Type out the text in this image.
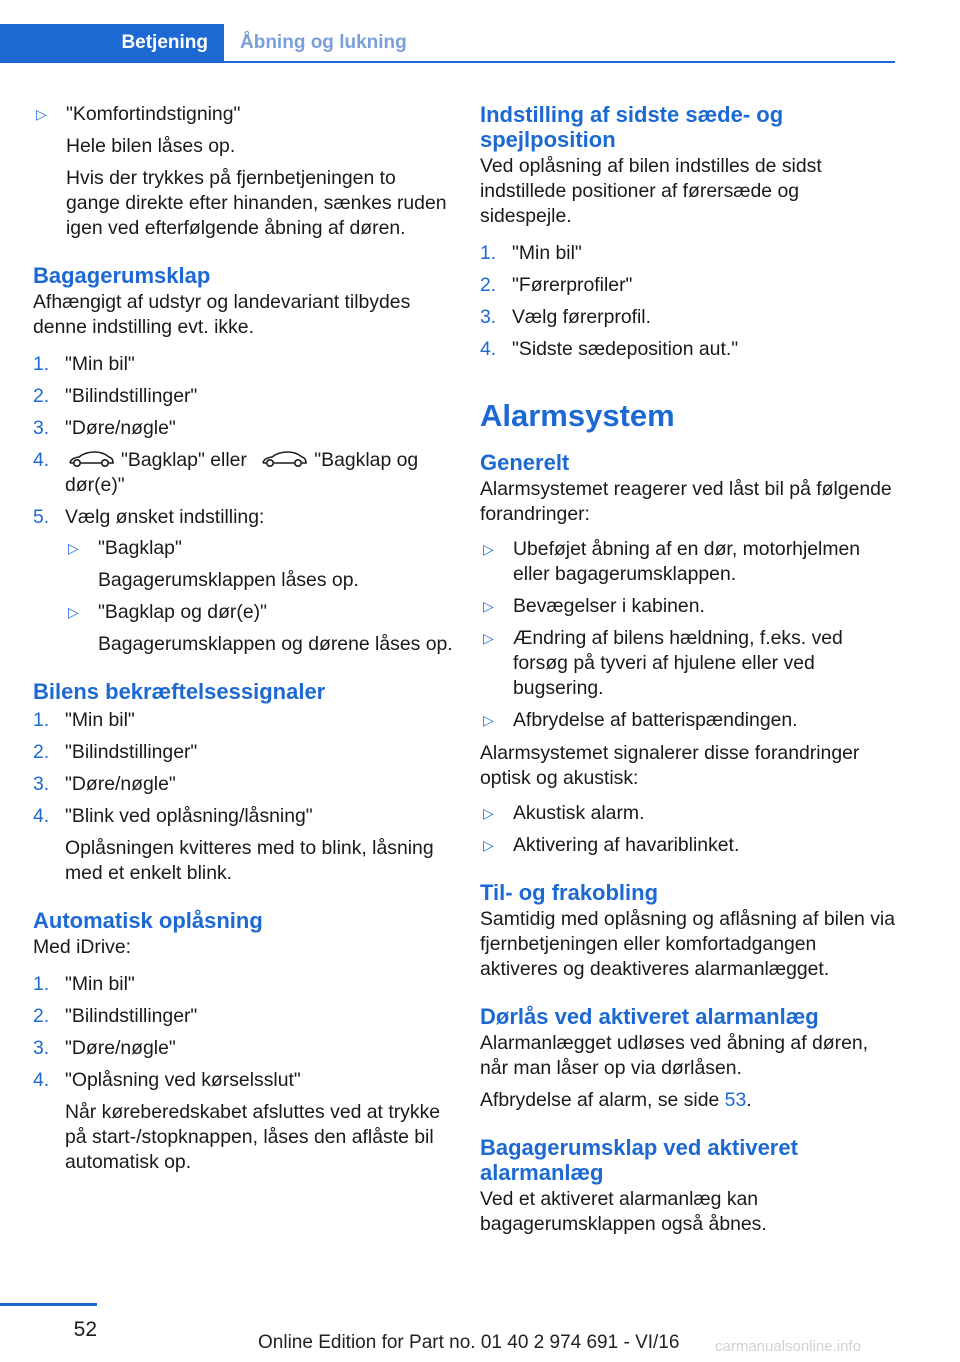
Betjening	Åbning og lukning
▷ "Komfortindstigning"
Hele bilen låses op.
Hvis der trykkes på fjernbetjeningen to gange direkte efter hinanden, sænkes ruden igen ved efterfølgende åbning af døren.
Bagagerumsklap
Afhængigt af udstyr og landevariant tilbydes denne indstilling evt. ikke.
1. "Min bil"
2. "Bilindstillinger"
3. "Døre/nøgle"
4.	"Bagklap" eller	"Bagklap og dør(e)"
5. Vælg ønsket indstilling:
▷ "Bagklap"
Bagagerumsklappen låses op.
▷ "Bagklap og dør(e)"
Bagagerumsklappen og dørene låses op.
Bilens bekræftelsessignaler
1. "Min bil"
2. "Bilindstillinger"
3. "Døre/nøgle"
4. "Blink ved oplåsning/låsning"
Oplåsningen kvitteres med to blink, låsning med et enkelt blink.
Automatisk oplåsning
Med iDrive:
1. "Min bil"
2. "Bilindstillinger"
3. "Døre/nøgle"
4. "Oplåsning ved kørselsslut"
Når køreberedskabet afsluttes ved at trykke på start-/stopknappen, låses den aflåste bil automatisk op.
Indstilling af sidste sæde- og spejlposition
Ved oplåsning af bilen indstilles de sidst indstillede positioner af førersæde og sidespejle.
1. "Min bil"
2. "Førerprofiler"
3. Vælg førerprofil.
4. "Sidste sædeposition aut."
Alarmsystem
Generelt
Alarmsystemet reagerer ved låst bil på følgende forandringer:
▷ Ubeføjet åbning af en dør, motorhjelmen eller bagagerumsklappen.
▷ Bevægelser i kabinen.
▷ Ændring af bilens hældning, f.eks. ved forsøg på tyveri af hjulene eller ved bugsering.
▷ Afbrydelse af batterispændingen.
Alarmsystemet signalerer disse forandringer optisk og akustisk:
▷ Akustisk alarm.
▷ Aktivering af havariblinket.
Til- og frakobling
Samtidig med oplåsning og aflåsning af bilen via fjernbetjeningen eller komfortadgangen aktiveres og deaktiveres alarmanlægget.
Dørlås ved aktiveret alarmanlæg
Alarmanlægget udløses ved åbning af døren, når man låser op via dørlåsen.
Afbrydelse af alarm, se side 53.
Bagagerumsklap ved aktiveret alarmanlæg
Ved et aktiveret alarmanlæg kan bagagerumsklappen også åbnes.
52
Online Edition for Part no. 01 40 2 974 691 - VI/16 carmanualsonline.info
